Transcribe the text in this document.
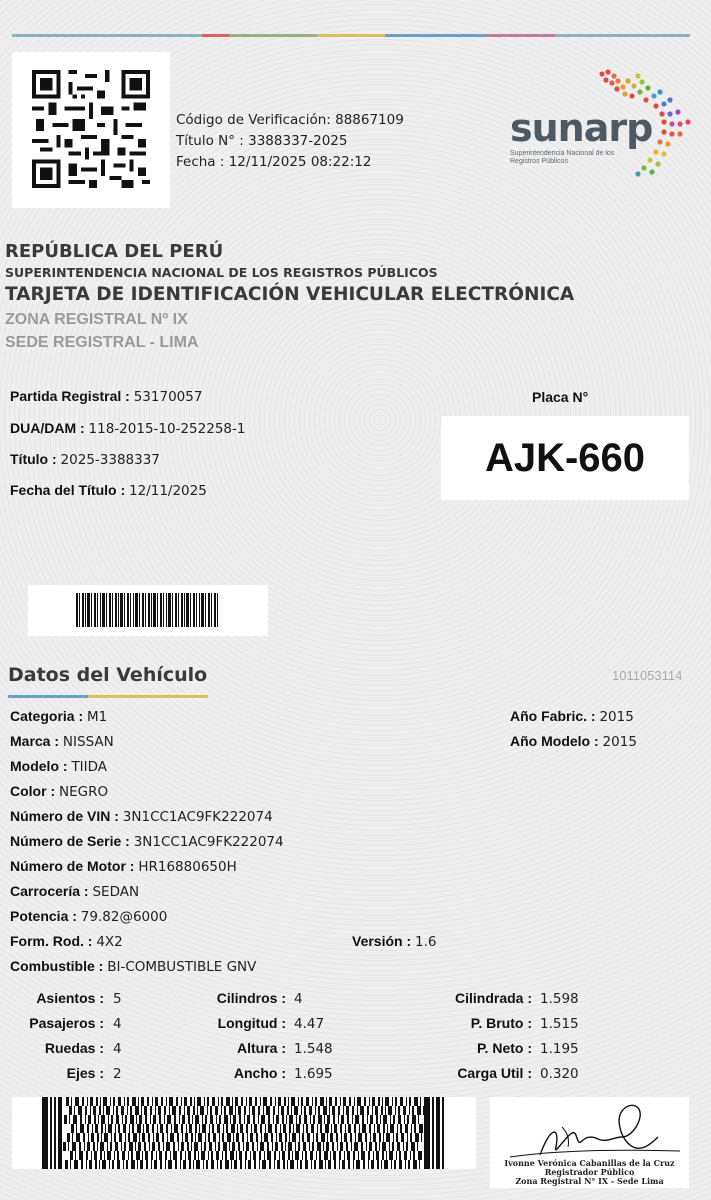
Código de Verificación: 88867109
Título N° : 3388337-2025
Fecha : 12/11/2025 08:22:12
sunarp
Superintendencia Nacional de los Registros Públicos
REPÚBLICA DEL PERÚ
SUPERINTENDENCIA NACIONAL DE LOS REGISTROS PÚBLICOS
TARJETA DE IDENTIFICACIÓN VEHICULAR ELECTRÓNICA
ZONA REGISTRAL Nº IX
SEDE REGISTRAL - LIMA
Partida Registral : 53170057
DUA/DAM : 118-2015-10-252258-1
Título : 2025-3388337
Fecha del Título : 12/11/2025
Placa N°
AJK-660
Datos del Vehículo	1011053114
Categoria : M1
Marca : NISSAN
Modelo : TIIDA
Color : NEGRO
Número de VIN : 3N1CC1AC9FK222074
Número de Serie : 3N1CC1AC9FK222074
Número de Motor : HR16880650H
Carrocería : SEDAN
Potencia : 79.82@6000
Form. Rod. : 4X2	Versión : 1.6
Combustible : BI-COMBUSTIBLE GNV
Año Fabric. : 2015
Año Modelo : 2015
Asientos : 5
Pasajeros : 4
Ruedas : 4
Ejes : 2
Cilindros : 4
Longitud : 4.47
Altura : 1.548
Ancho : 1.695
Cilindrada : 1.598
P. Bruto : 1.515
P. Neto : 1.195
Carga Util : 0.320
Ivonne Verónica Cabanillas de la Cruz
Registrador Público
Zona Registral N° IX - Sede Lima
